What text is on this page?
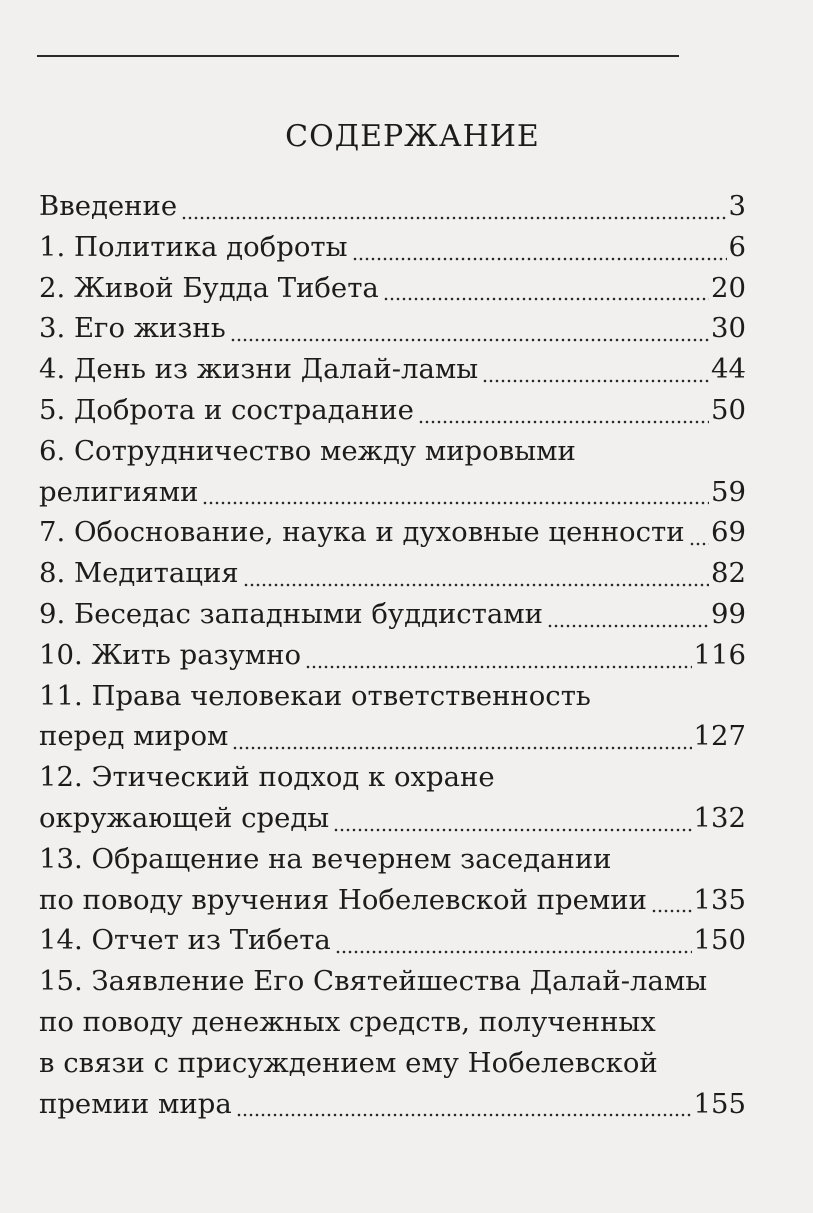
СОДЕРЖАНИЕ
Введение	3
1. Политика доброты	6
2. Живой Будда Тибета	20
3. Его жизнь	30
4. День из жизни Далай-ламы	44
5. Доброта и сострадание	50
6. Сотрудничество между мировыми
религиями	59
7. Обоснование, наука и духовные ценности 69
8. Медитация	82
9. Беседас западными буддистами	99
10. Жить разумно	116
11. Права человекаи ответственность
перед миром	127
12. Этический подход к охране
окружающей среды	132
13. Обращение на вечернем заседании
по поводу вручения Нобелевской премии 135
14. Отчет из Тибета	150
15. Заявление Его Святейшества Далай-ламы
по поводу денежных средств, полученных
в связи с присуждением ему Нобелевской
премии мира	155
